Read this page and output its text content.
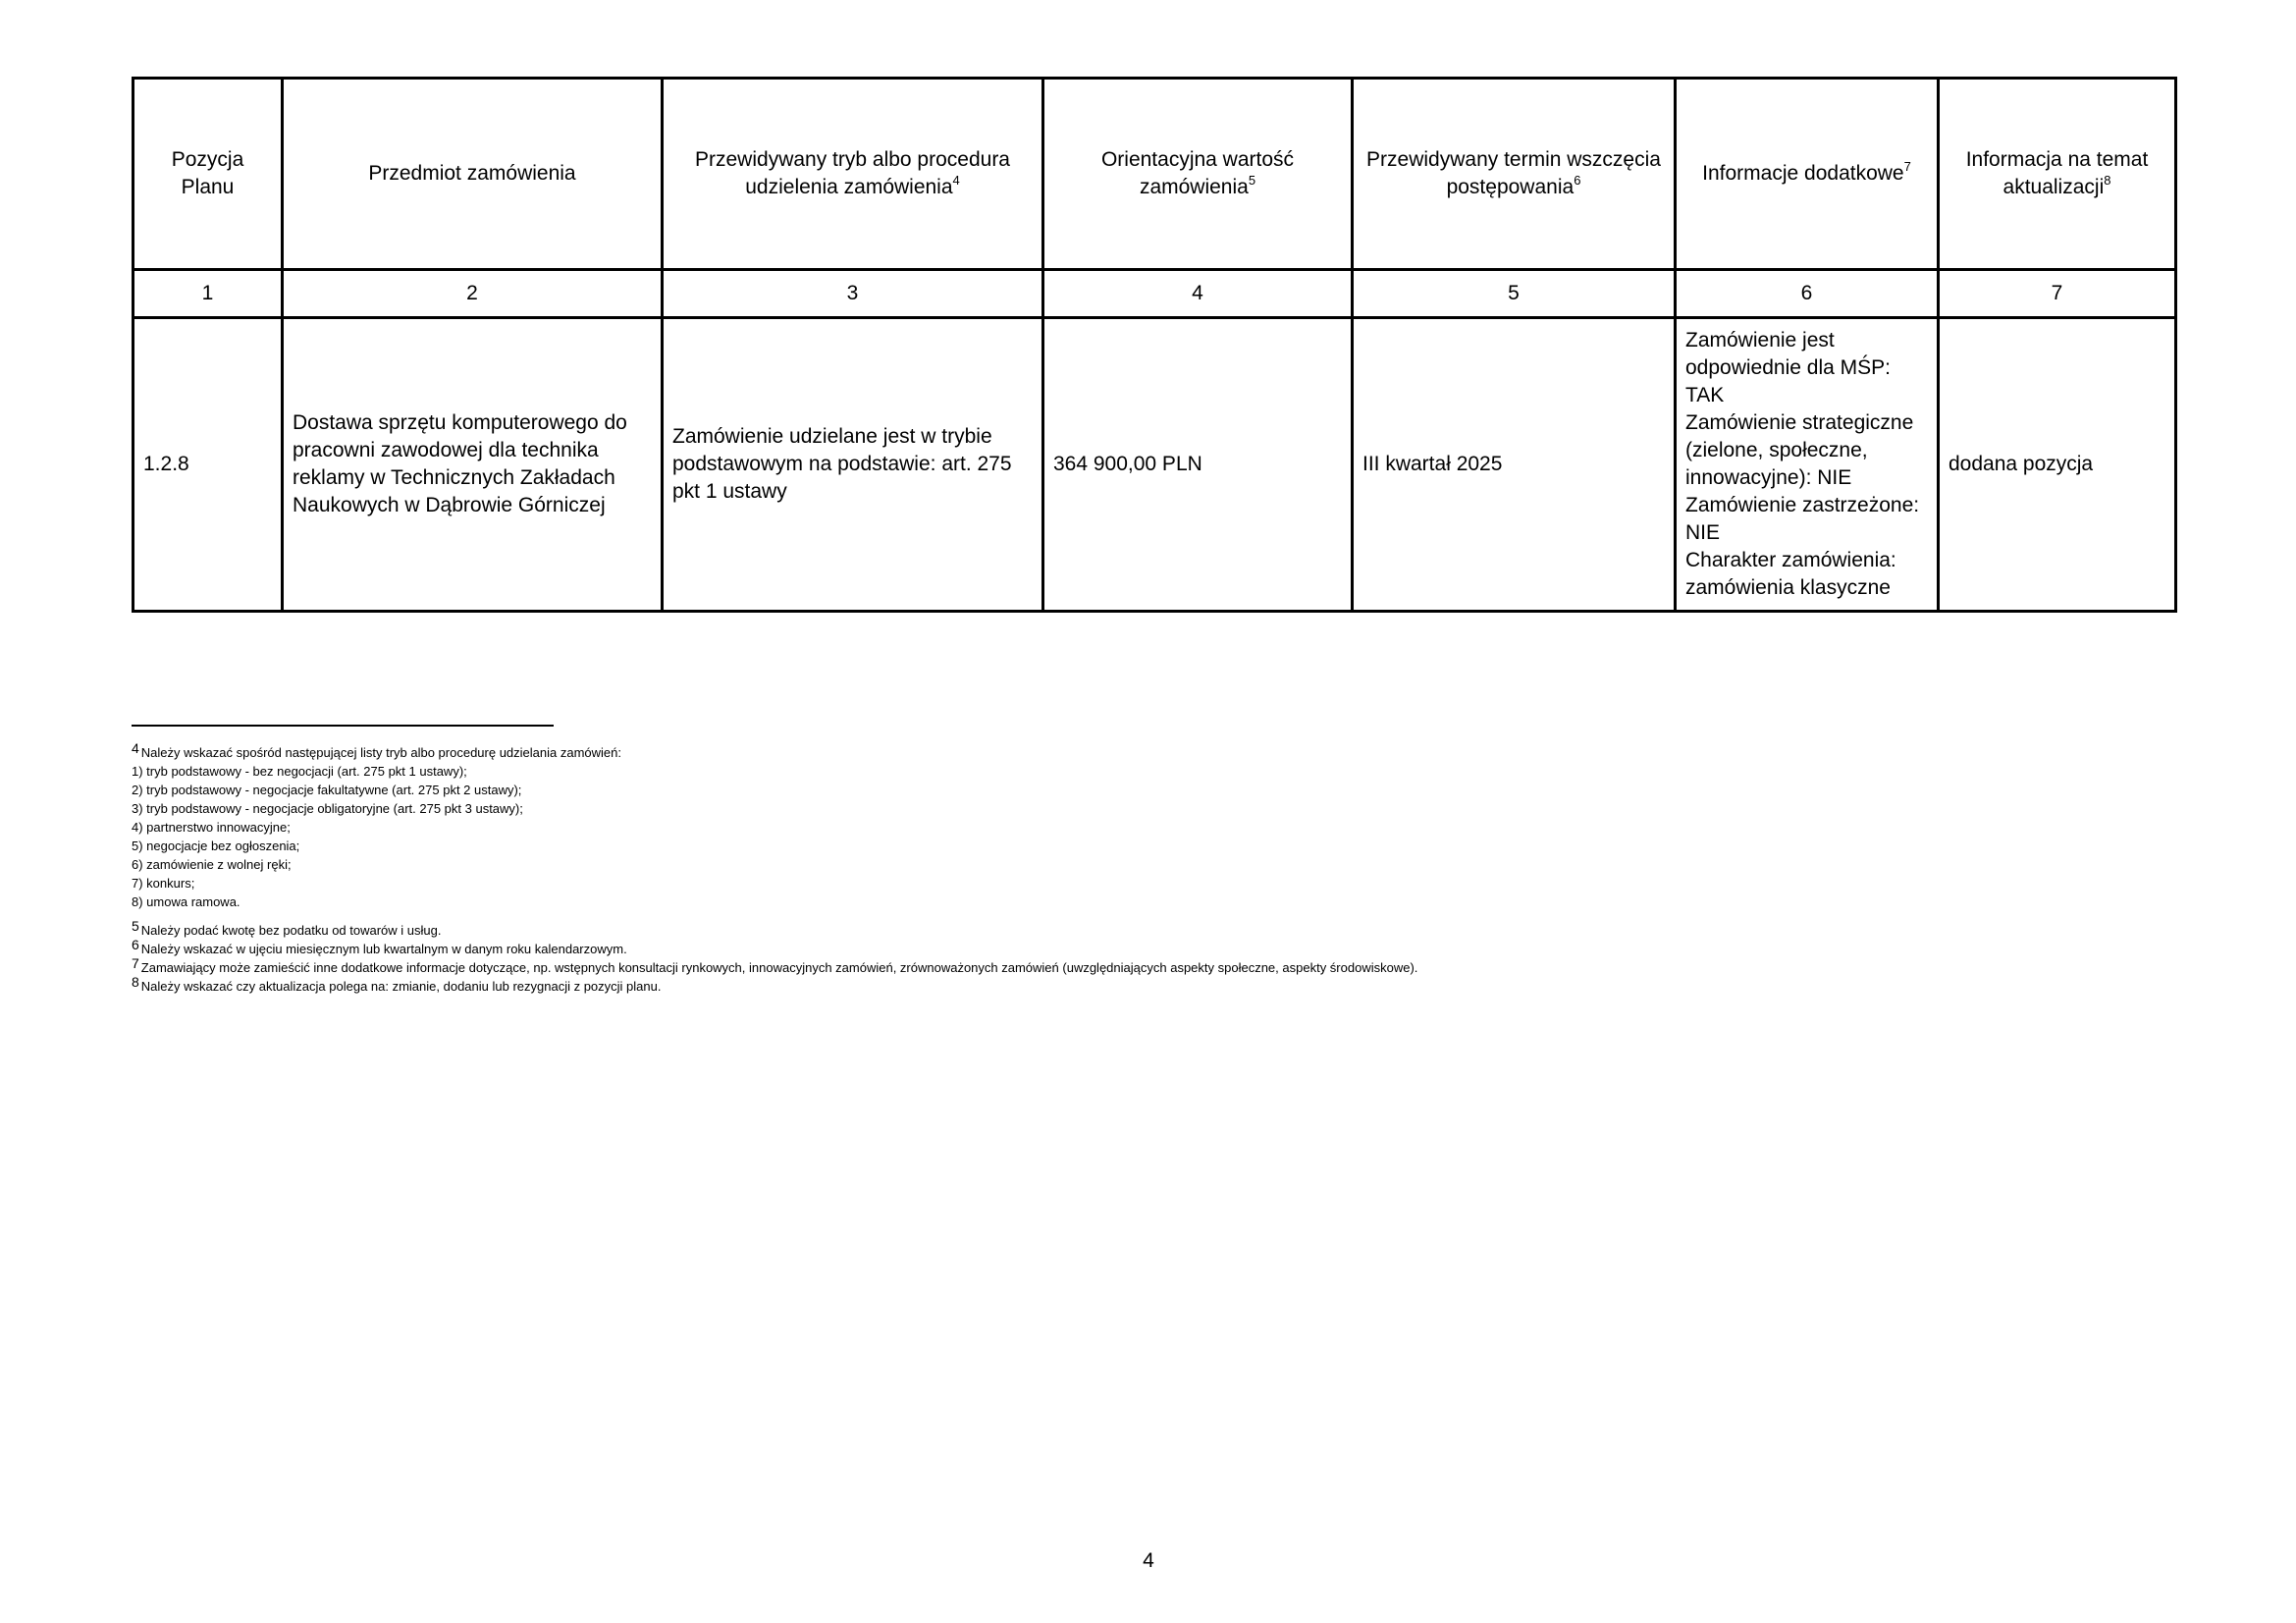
Pozycja Planu	Przedmiot zamówienia	Przewidywany tryb albo procedura udzielenia zamówienia$^4$	Orientacyjna wartość zamówienia$^5$	Przewidywany termin wszczęcia postępowania$^6$	Informacje dodatkowe$^7$	Informacja na temat aktualizacji$^8$
1	2	3	4	5	6	7
1.2.8	Dostawa sprzętu komputerowego do pracowni zawodowej dla technika reklamy w Technicznych Zakładach Naukowych w Dąbrowie Górniczej	Zamówienie udzielane jest w trybie podstawowym na podstawie: art. 275 pkt 1 ustawy	364 900,00 PLN	III kwartał 2025	Zamówienie jest odpowiednie dla MŚP: TAK
Zamówienie strategiczne (zielone, społeczne, innowacyjne): NIE
Zamówienie zastrzeżone: NIE
Charakter zamówienia: zamówienia klasyczne	dodana pozycja
4 Należy wskazać spośród następującej listy tryb albo procedurę udzielania zamówień:
1) tryb podstawowy - bez negocjacji (art. 275 pkt 1 ustawy);
2) tryb podstawowy - negocjacje fakultatywne (art. 275 pkt 2 ustawy);
3) tryb podstawowy - negocjacje obligatoryjne (art. 275 pkt 3 ustawy);
4) partnerstwo innowacyjne;
5) negocjacje bez ogłoszenia;
6) zamówienie z wolnej ręki;
7) konkurs;
8) umowa ramowa.
5 Należy podać kwotę bez podatku od towarów i usług.
6 Należy wskazać w ujęciu miesięcznym lub kwartalnym w danym roku kalendarzowym.
7 Zamawiający może zamieścić inne dodatkowe informacje dotyczące, np. wstępnych konsultacji rynkowych, innowacyjnych zamówień, zrównoważonych zamówień (uwzględniających aspekty społeczne, aspekty środowiskowe).
8 Należy wskazać czy aktualizacja polega na: zmianie, dodaniu lub rezygnacji z pozycji planu.
4
